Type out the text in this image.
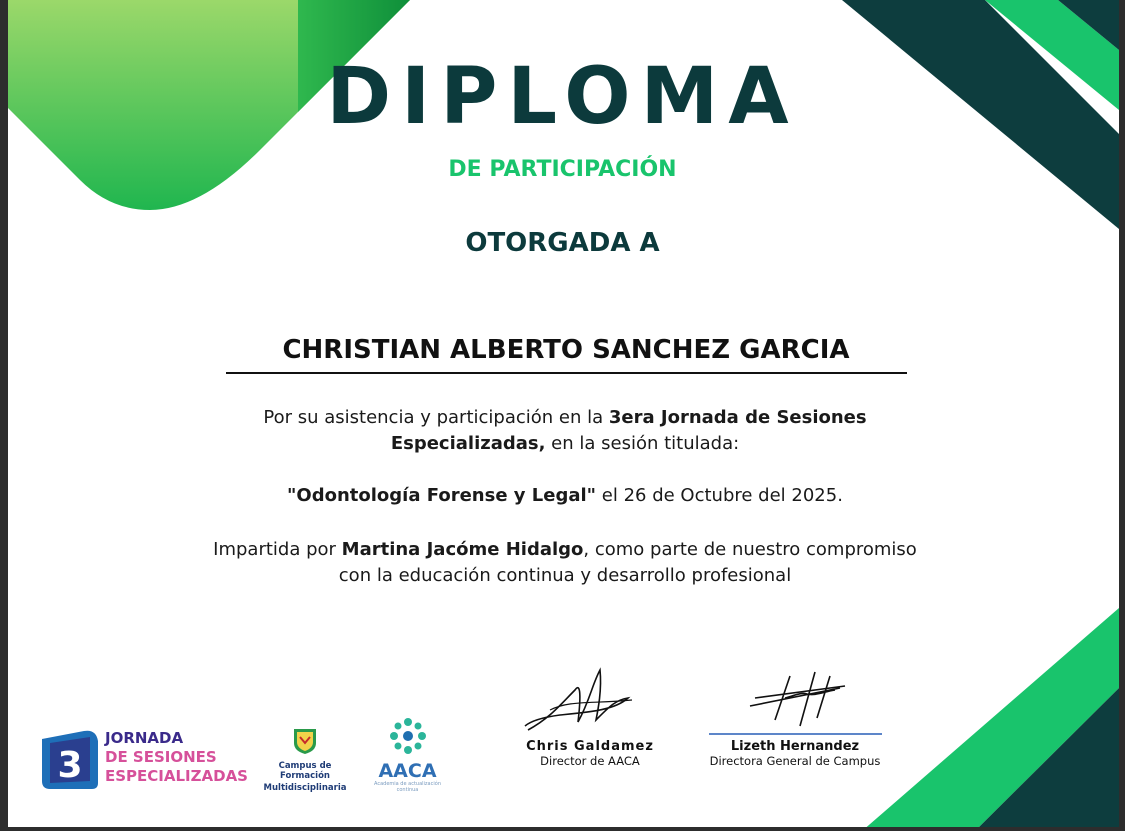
DIPLOMA
DE PARTICIPACIÓN
OTORGADA A
CHRISTIAN ALBERTO SANCHEZ GARCIA
Por su asistencia y participación en la 3era Jornada de Sesiones Especializadas, en la sesión titulada:
"Odontología Forense y Legal" el 26 de Octubre del 2025.
Impartida por Martina Jacóme Hidalgo, como parte de nuestro compromiso con la educación continua y desarrollo profesional
Chris Galdamez
Director de AACA
Lizeth Hernandez
Directora General de Campus
3
JORNADA
DE SESIONES
ESPECIALIZADAS
Campus de Formación
Multidisciplinaria
AACA
Academia de actualización continua
